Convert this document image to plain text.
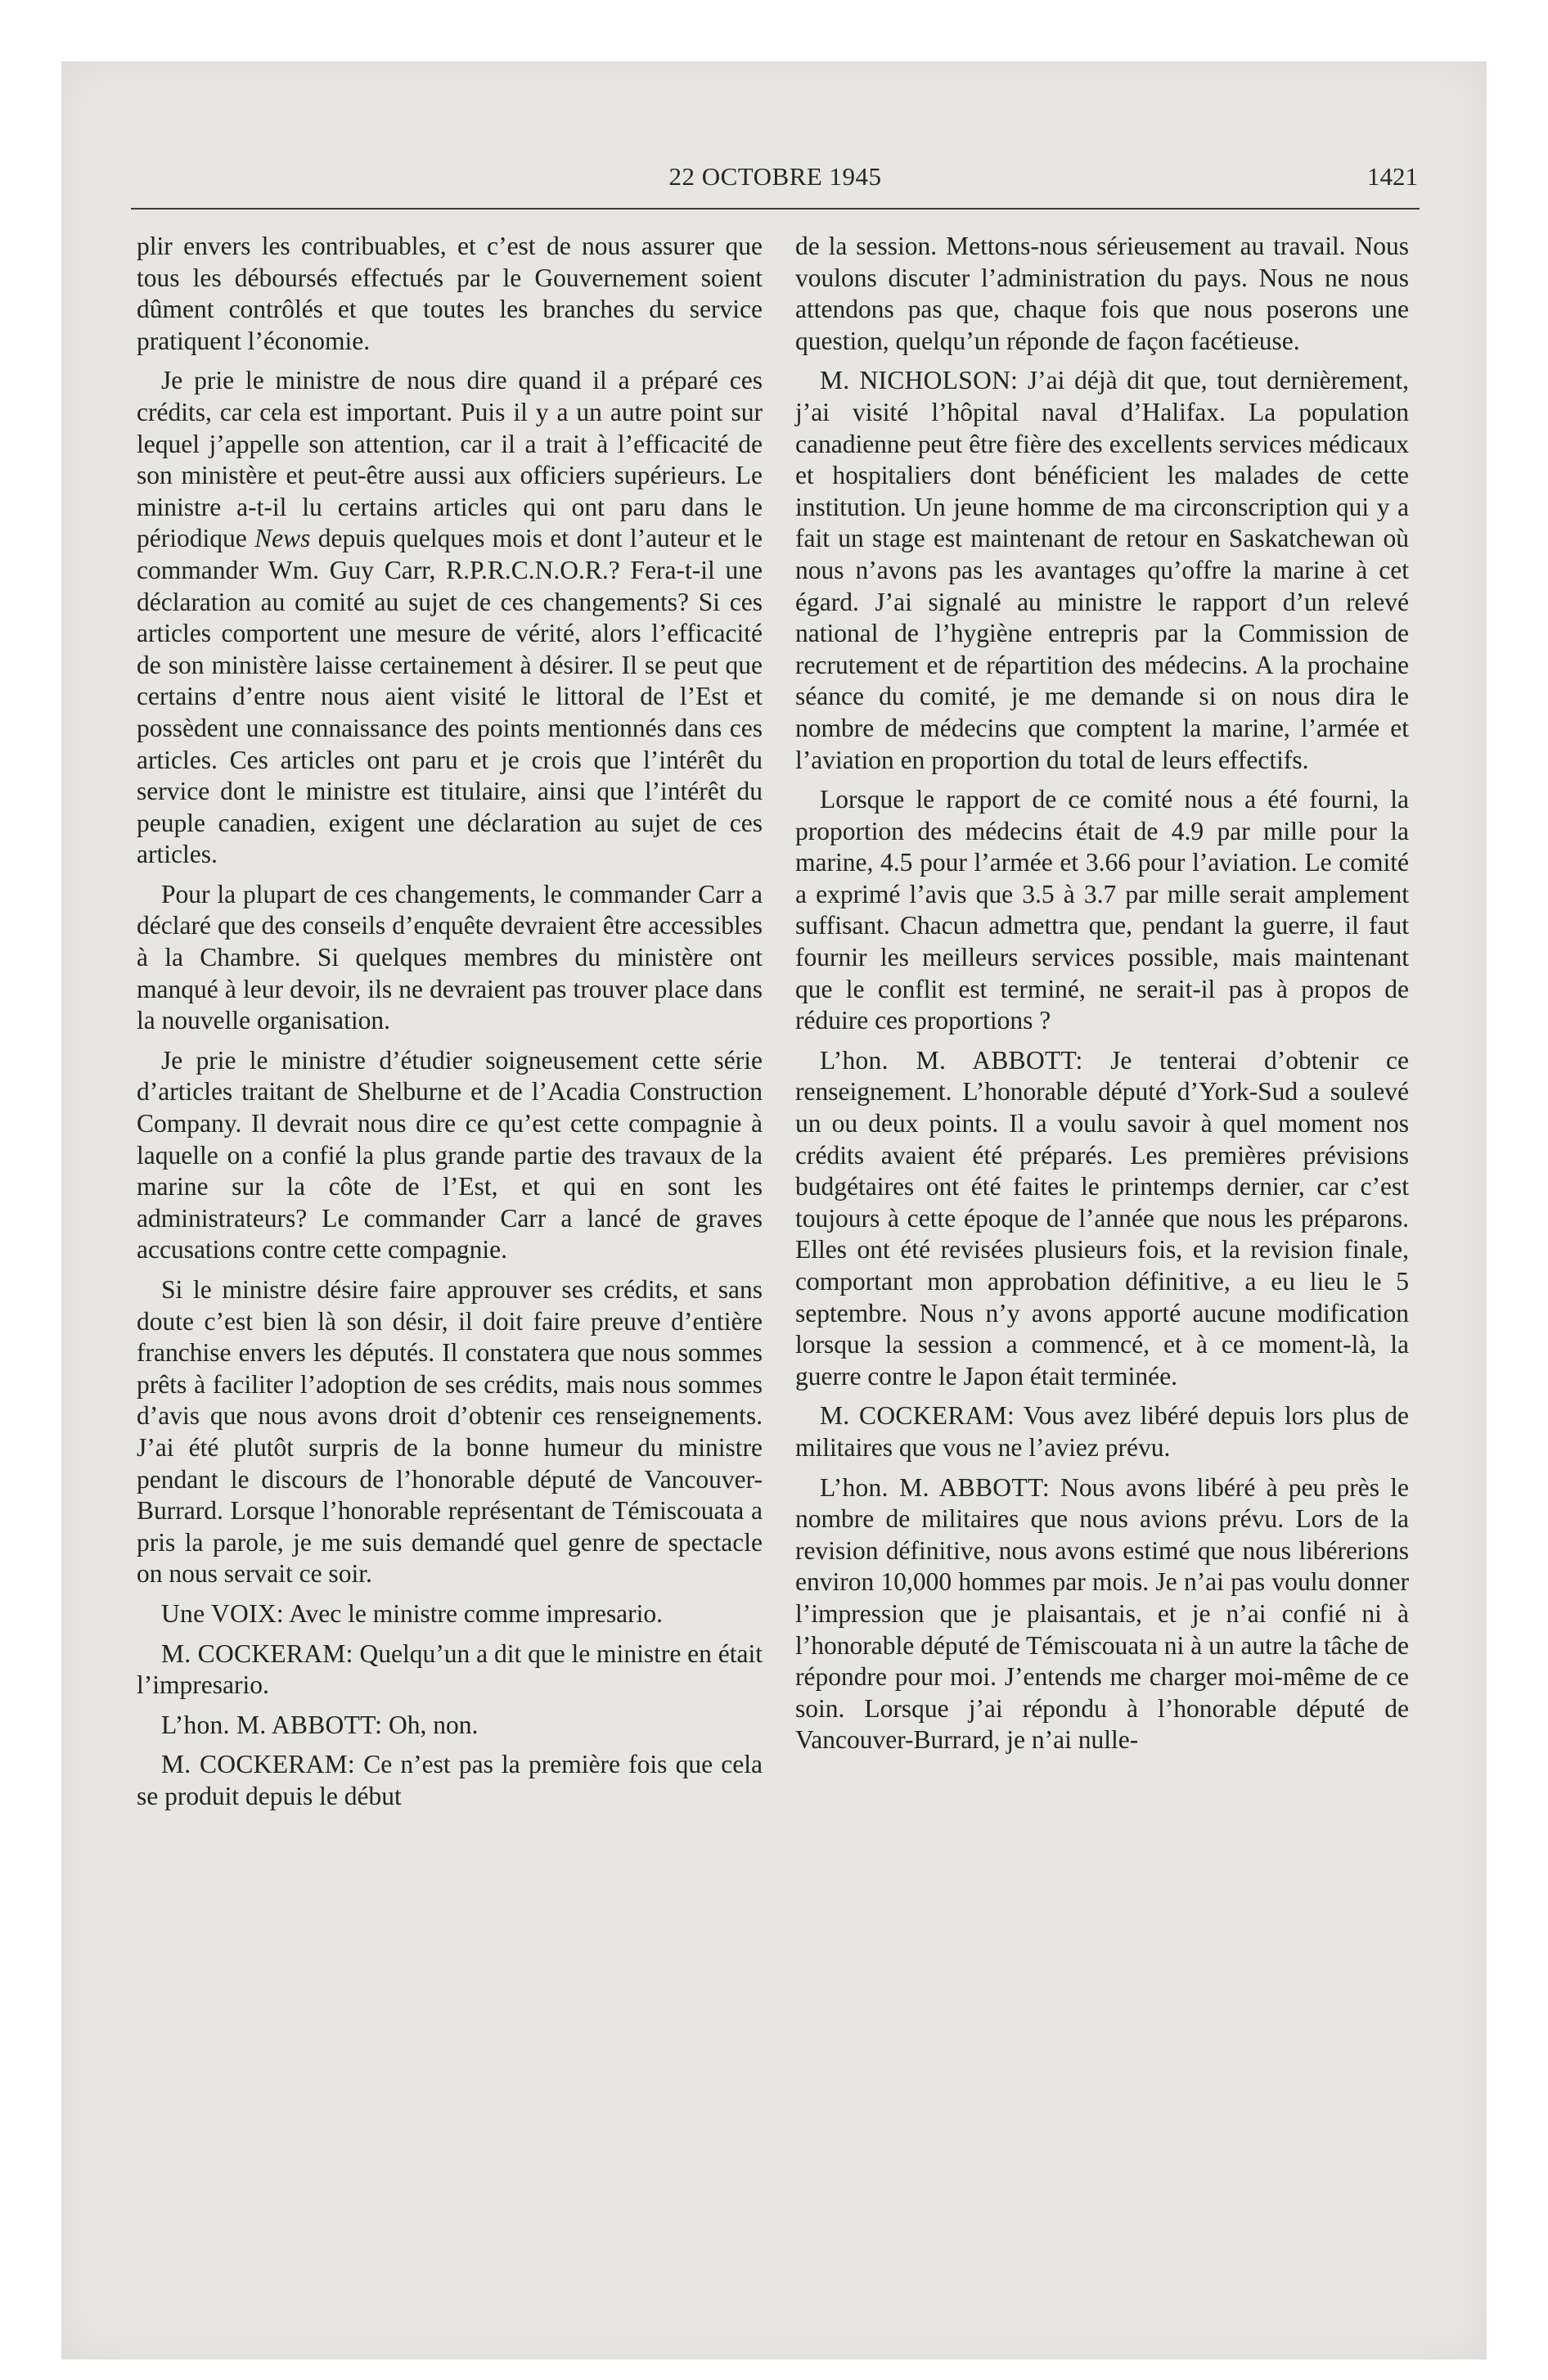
22 OCTOBRE 1945	1421

plir envers les contribuables, et c’est de nous assurer que tous les déboursés effectués par le Gouvernement soient dûment contrôlés et que toutes les branches du service pratiquent l’économie.

Je prie le ministre de nous dire quand il a préparé ces crédits, car cela est important. Puis il y a un autre point sur lequel j’appelle son attention, car il a trait à l’efficacité de son ministère et peut-être aussi aux officiers supérieurs. Le ministre a-t-il lu certains articles qui ont paru dans le périodique News depuis quelques mois et dont l’auteur et le commander Wm. Guy Carr, R.P.R.C.N.O.R.? Fera-t-il une déclaration au comité au sujet de ces changements? Si ces articles comportent une mesure de vérité, alors l’efficacité de son ministère laisse certainement à désirer. Il se peut que certains d’entre nous aient visité le littoral de l’Est et possèdent une connaissance des points mentionnés dans ces articles. Ces articles ont paru et je crois que l’intérêt du service dont le ministre est titulaire, ainsi que l’intérêt du peuple canadien, exigent une déclaration au sujet de ces articles.

Pour la plupart de ces changements, le commander Carr a déclaré que des conseils d’enquête devraient être accessibles à la Chambre. Si quelques membres du ministère ont manqué à leur devoir, ils ne devraient pas trouver place dans la nouvelle organisation.

Je prie le ministre d’étudier soigneusement cette série d’articles traitant de Shelburne et de l’Acadia Construction Company. Il devrait nous dire ce qu’est cette compagnie à laquelle on a confié la plus grande partie des travaux de la marine sur la côte de l’Est, et qui en sont les administrateurs? Le commander Carr a lancé de graves accusations contre cette compagnie.

Si le ministre désire faire approuver ses crédits, et sans doute c’est bien là son désir, il doit faire preuve d’entière franchise envers les députés. Il constatera que nous sommes prêts à faciliter l’adoption de ses crédits, mais nous sommes d’avis que nous avons droit d’obtenir ces renseignements. J’ai été plutôt surpris de la bonne humeur du ministre pendant le discours de l’honorable député de Vancouver-Burrard. Lorsque l’honorable représentant de Témiscouata a pris la parole, je me suis demandé quel genre de spectacle on nous servait ce soir.

Une VOIX: Avec le ministre comme impresario.

M. COCKERAM: Quelqu’un a dit que le ministre en était l’impresario.

L’hon. M. ABBOTT: Oh, non.

M. COCKERAM: Ce n’est pas la première fois que cela se produit depuis le début

de la session. Mettons-nous sérieusement au travail. Nous voulons discuter l’administration du pays. Nous ne nous attendons pas que, chaque fois que nous poserons une question, quelqu’un réponde de façon facétieuse.

M. NICHOLSON: J’ai déjà dit que, tout dernièrement, j’ai visité l’hôpital naval d’Halifax. La population canadienne peut être fière des excellents services médicaux et hospitaliers dont bénéficient les malades de cette institution. Un jeune homme de ma circonscription qui y a fait un stage est maintenant de retour en Saskatchewan où nous n’avons pas les avantages qu’offre la marine à cet égard. J’ai signalé au ministre le rapport d’un relevé national de l’hygiène entrepris par la Commission de recrutement et de répartition des médecins. A la prochaine séance du comité, je me demande si on nous dira le nombre de médecins que comptent la marine, l’armée et l’aviation en proportion du total de leurs effectifs.

Lorsque le rapport de ce comité nous a été fourni, la proportion des médecins était de 4.9 par mille pour la marine, 4.5 pour l’armée et 3.66 pour l’aviation. Le comité a exprimé l’avis que 3.5 à 3.7 par mille serait amplement suffisant. Chacun admettra que, pendant la guerre, il faut fournir les meilleurs services possible, mais maintenant que le conflit est terminé, ne serait-il pas à propos de réduire ces proportions ?

L’hon. M. ABBOTT: Je tenterai d’obtenir ce renseignement. L’honorable député d’York-Sud a soulevé un ou deux points. Il a voulu savoir à quel moment nos crédits avaient été préparés. Les premières prévisions budgétaires ont été faites le printemps dernier, car c’est toujours à cette époque de l’année que nous les préparons. Elles ont été revisées plusieurs fois, et la revision finale, comportant mon approbation définitive, a eu lieu le 5 septembre. Nous n’y avons apporté aucune modification lorsque la session a commencé, et à ce moment-là, la guerre contre le Japon était terminée.

M. COCKERAM: Vous avez libéré depuis lors plus de militaires que vous ne l’aviez prévu.

L’hon. M. ABBOTT: Nous avons libéré à peu près le nombre de militaires que nous avions prévu. Lors de la revision définitive, nous avons estimé que nous libérerions environ 10,000 hommes par mois. Je n’ai pas voulu donner l’impression que je plaisantais, et je n’ai confié ni à l’honorable député de Témiscouata ni à un autre la tâche de répondre pour moi. J’entends me charger moi-même de ce soin. Lorsque j’ai répondu à l’honorable député de Vancouver-Burrard, je n’ai nulle-
